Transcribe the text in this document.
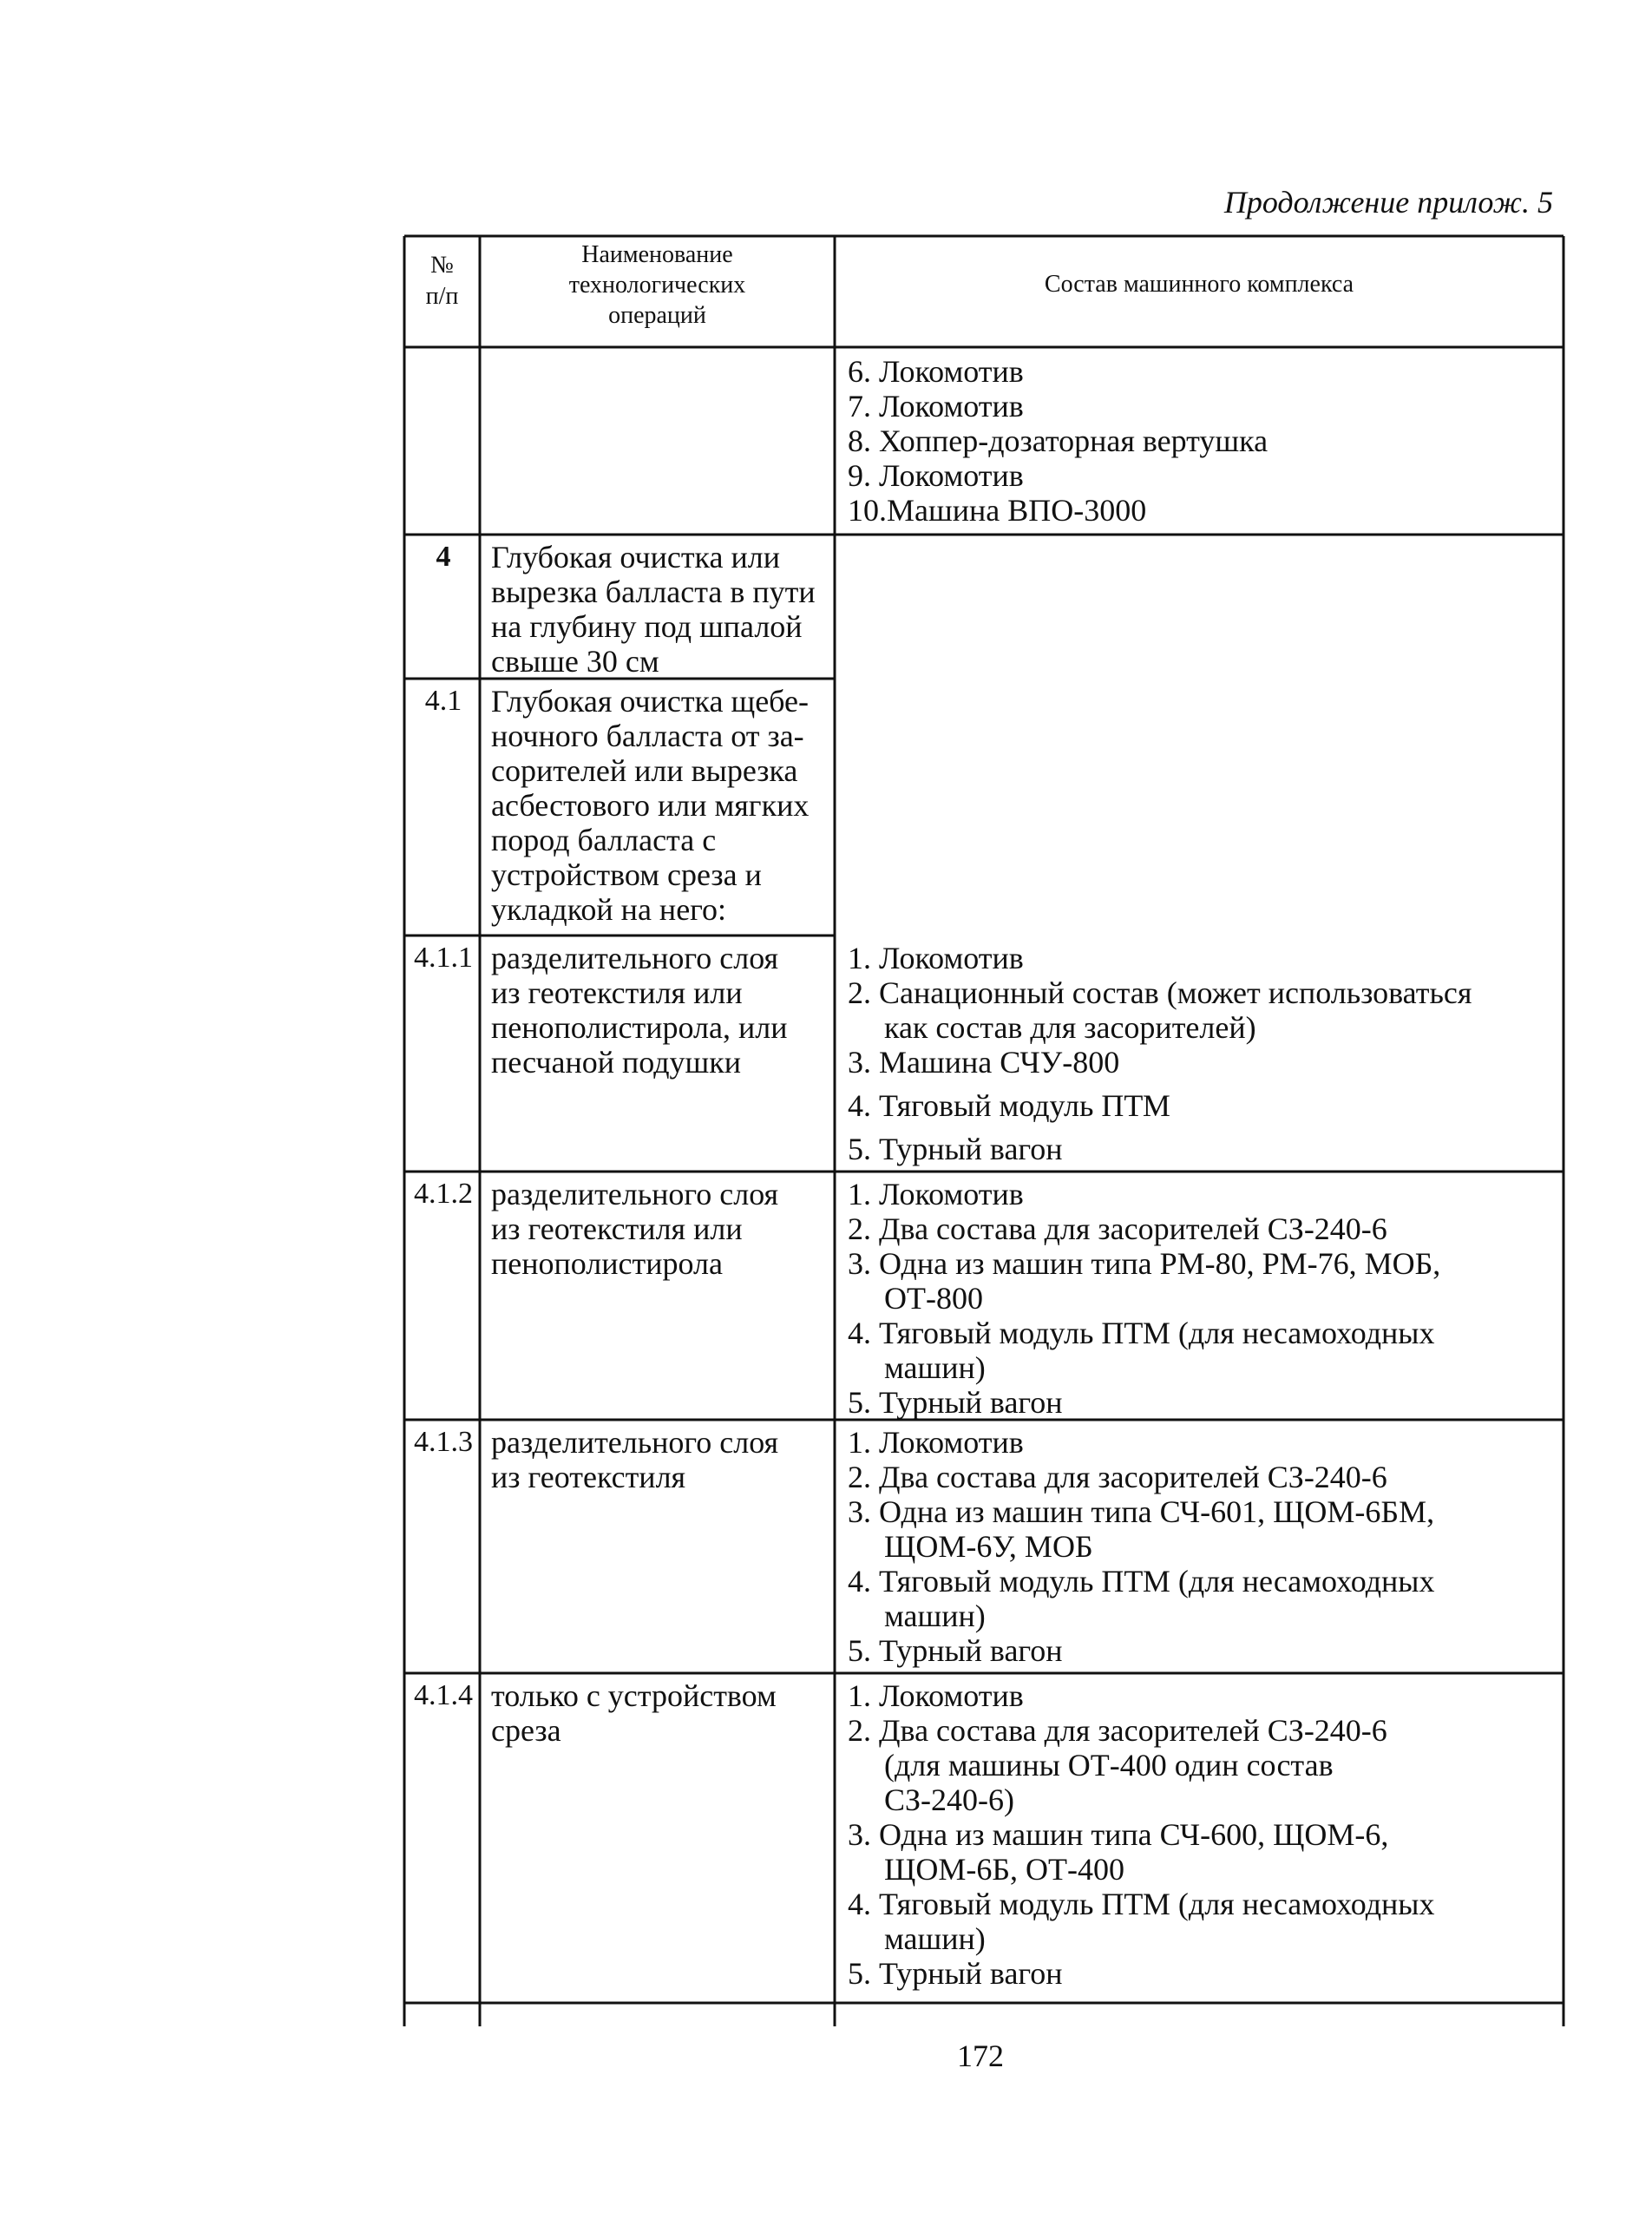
Продолжение прилож. 5
№
п/п
Наименование
технологических
операций
Состав машинного комплекса
6. Локомотив
7. Локомотив
8. Хоппер-дозаторная вертушка
9. Локомотив
10.Машина ВПО-3000
4	Глубокая очистка или
вырезка балласта в пути
на глубину под шпалой
свыше 30 см
4.1 Глубокая очистка щебе-
ночного балласта от за-
сорителей или вырезка
асбестового или мягких
пород балласта с
устройством среза и
укладкой на него:
4.1.1 разделительного слоя
из геотекстиля или
пенополистирола, или
песчаной подушки
1. Локомотив
2. Санационный состав (может использоваться
как состав для засорителей)
3. Машина СЧУ-800
4. Тяговый модуль ПТМ
5. Турный вагон
4.1.2 разделительного слоя
из геотекстиля или
пенополистирола
1. Локомотив
2. Два состава для засорителей СЗ-240-6
3. Одна из машин типа РМ-80, РМ-76, МОБ,
ОТ-800
4. Тяговый модуль ПТМ (для несамоходных
машин)
5. Турный вагон
4.1.3 разделительного слоя
из геотекстиля
1. Локомотив
2. Два состава для засорителей СЗ-240-6
3. Одна из машин типа СЧ-601, ЩОМ-6БМ,
ЩОМ-6У, МОБ
4. Тяговый модуль ПТМ (для несамоходных
машин)
5. Турный вагон
4.1.4 только с устройством
среза
1. Локомотив
2. Два состава для засорителей СЗ-240-6
(для машины ОТ-400 один состав
СЗ-240-6)
3. Одна из машин типа СЧ-600, ЩОМ-6,
ЩОМ-6Б, ОТ-400
4. Тяговый модуль ПТМ (для несамоходных
машин)
5. Турный вагон
172
